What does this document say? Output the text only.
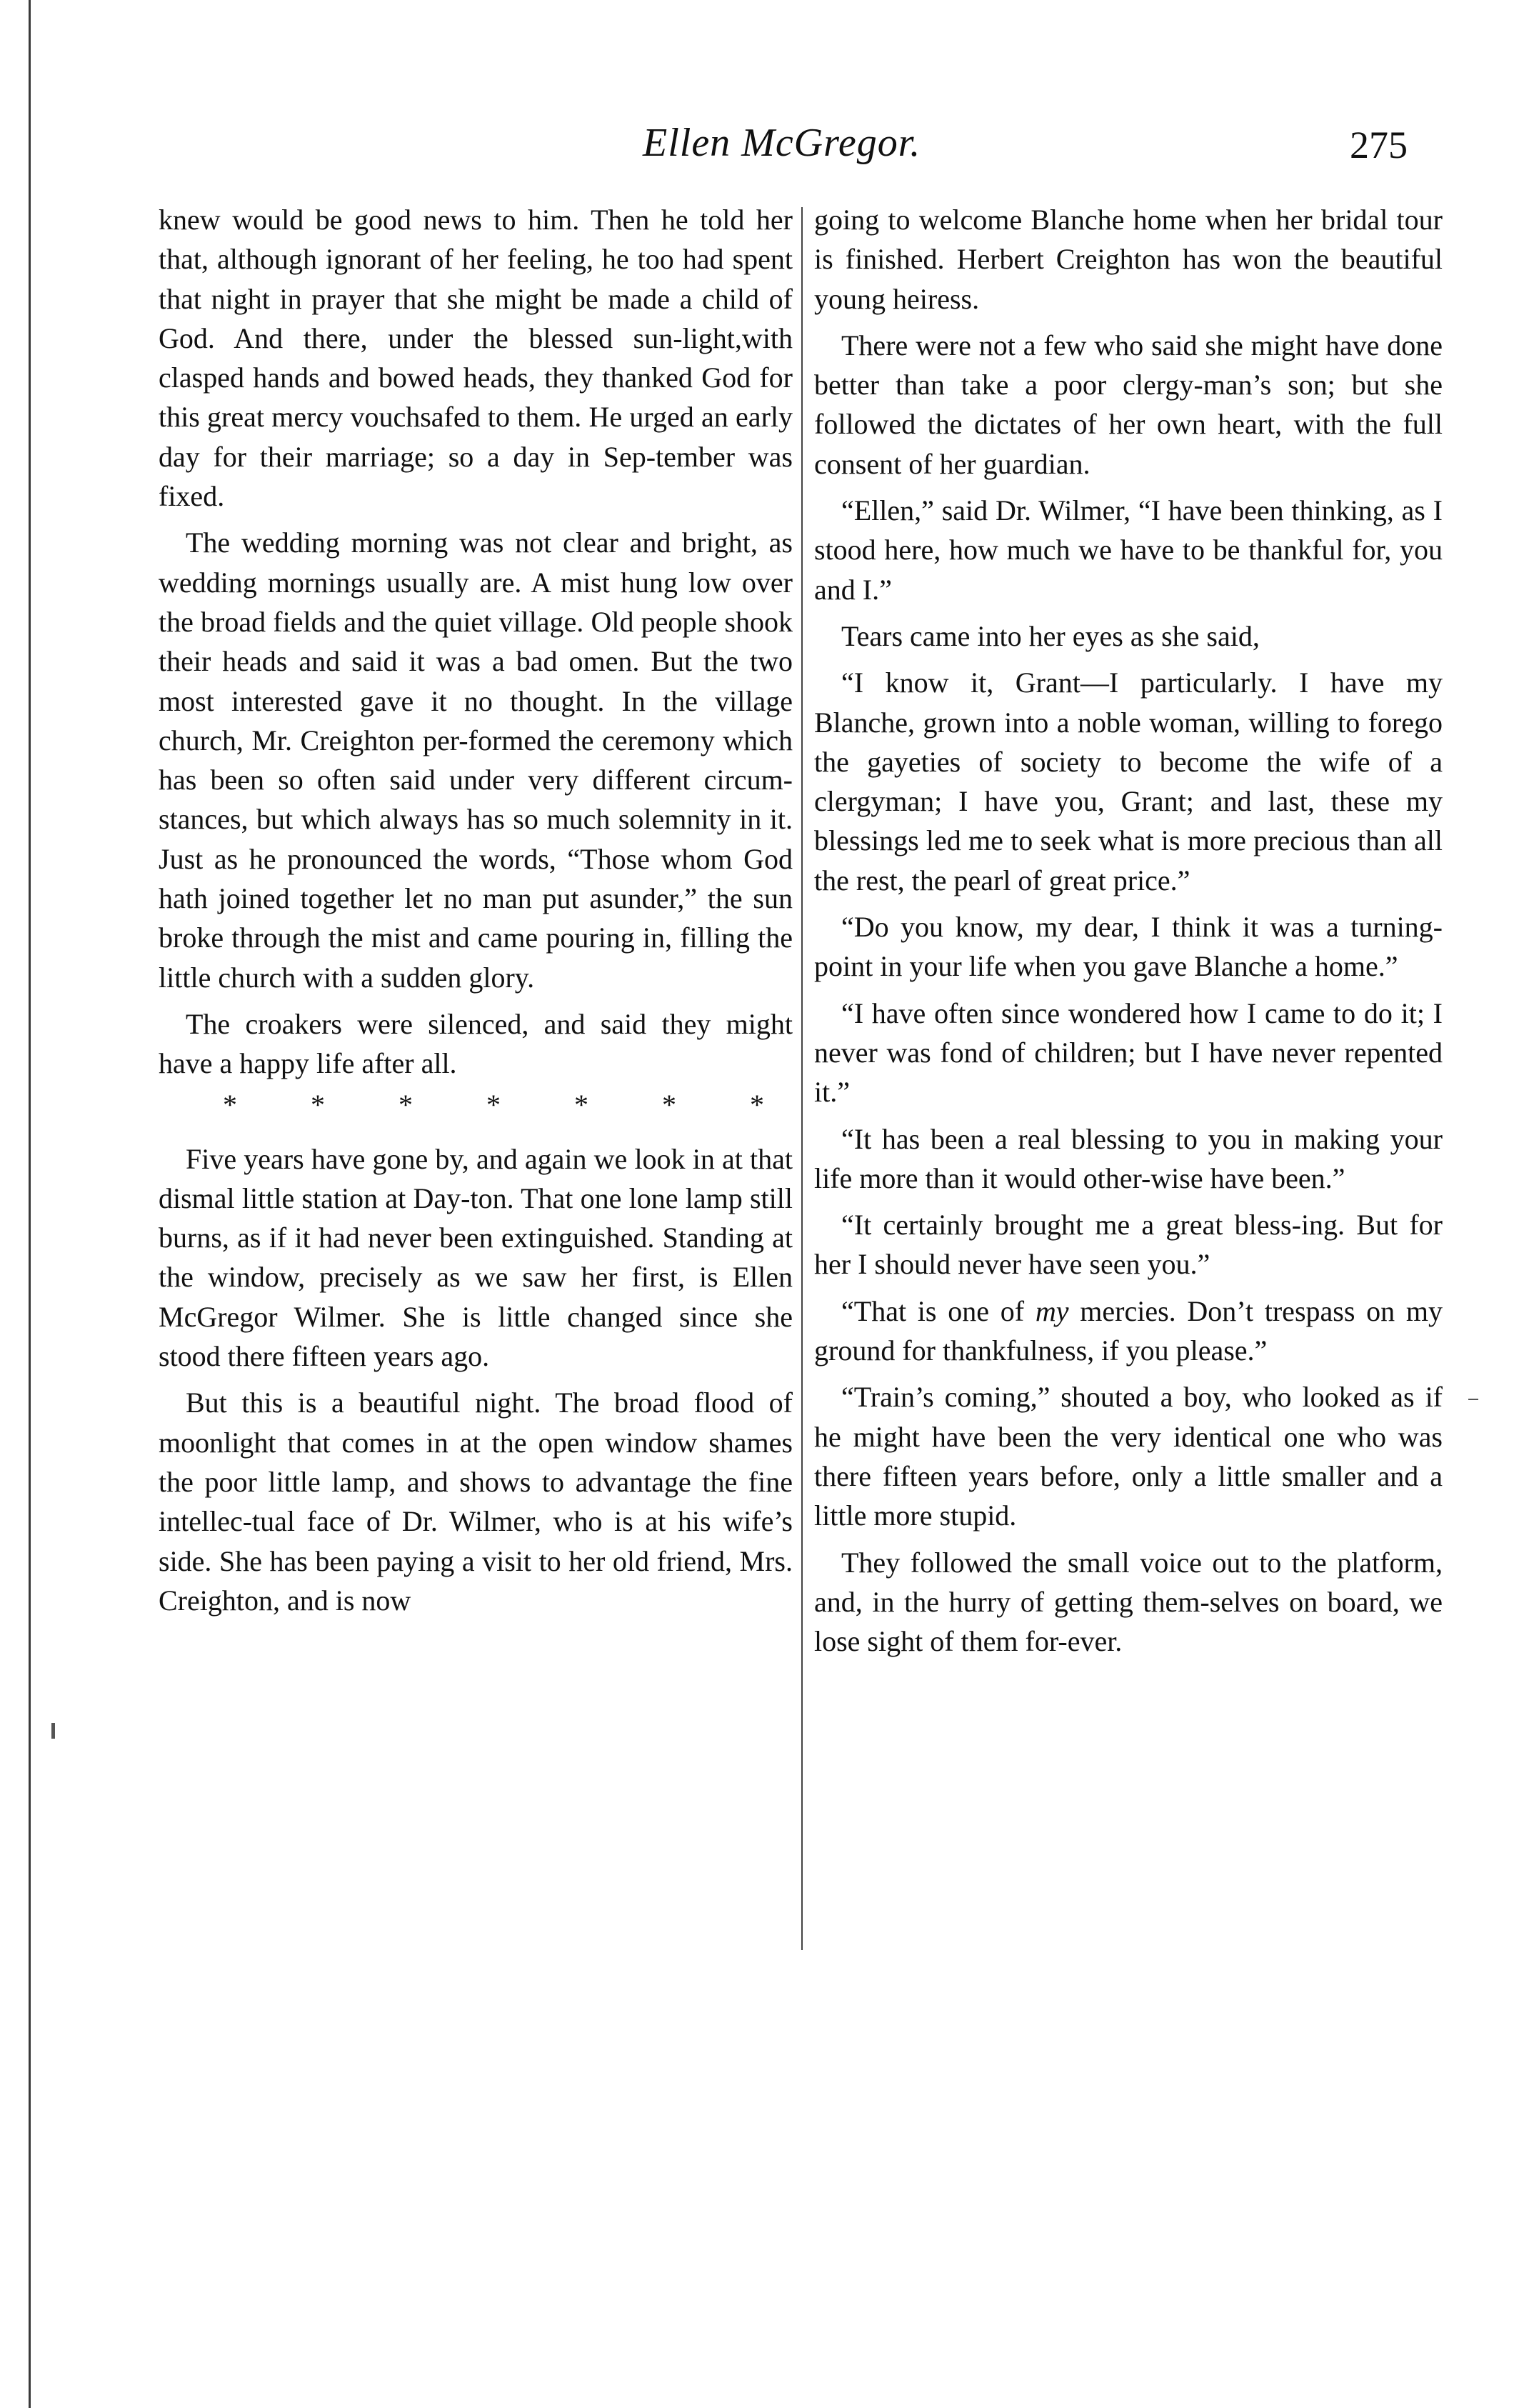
Ellen McGregor.	275

knew would be good news to him. Then he told her that, although ignorant of her feeling, he too had spent that night in prayer that she might be made a child of God. And there, under the blessed sun-light,with clasped hands and bowed heads, they thanked God for this great mercy vouchsafed to them. He urged an early day for their marriage; so a day in Sep-tember was fixed.

The wedding morning was not clear and bright, as wedding mornings usually are. A mist hung low over the broad fields and the quiet village. Old people shook their heads and said it was a bad omen. But the two most interested gave it no thought. In the village church, Mr. Creighton per-formed the ceremony which has been so often said under very different circum-stances, but which always has so much solemnity in it. Just as he pronounced the words, “Those whom God hath joined together let no man put asunder,” the sun broke through the mist and came pouring in, filling the little church with a sudden glory.

The croakers were silenced, and said they might have a happy life after all.

*	*	*	*	*	*	*

Five years have gone by, and again we look in at that dismal little station at Day-ton. That one lone lamp still burns, as if it had never been extinguished. Standing at the window, precisely as we saw her first, is Ellen McGregor Wilmer. She is little changed since she stood there fifteen years ago.

But this is a beautiful night. The broad flood of moonlight that comes in at the open window shames the poor little lamp, and shows to advantage the fine intellec-tual face of Dr. Wilmer, who is at his wife’s side. She has been paying a visit to her old friend, Mrs. Creighton, and is now

going to welcome Blanche home when her bridal tour is finished. Herbert Creighton has won the beautiful young heiress.

There were not a few who said she might have done better than take a poor clergy-man’s son; but she followed the dictates of her own heart, with the full consent of her guardian.

“Ellen,” said Dr. Wilmer, “I have been thinking, as I stood here, how much we have to be thankful for, you and I.”

Tears came into her eyes as she said,

“I know it, Grant—I particularly. I have my Blanche, grown into a noble woman, willing to forego the gayeties of society to become the wife of a clergyman; I have you, Grant; and last, these my blessings led me to seek what is more precious than all the rest, the pearl of great price.”

“Do you know, my dear, I think it was a turning-point in your life when you gave Blanche a home.”

“I have often since wondered how I came to do it; I never was fond of children; but I have never repented it.”

“It has been a real blessing to you in making your life more than it would other-wise have been.”

“It certainly brought me a great bless-ing. But for her I should never have seen you.”

“That is one of my mercies. Don’t trespass on my ground for thankfulness, if you please.”

“Train’s coming,” shouted a boy, who looked as if he might have been the very identical one who was there fifteen years before, only a little smaller and a little more stupid.

They followed the small voice out to the platform, and, in the hurry of getting them-selves on board, we lose sight of them for-ever.
